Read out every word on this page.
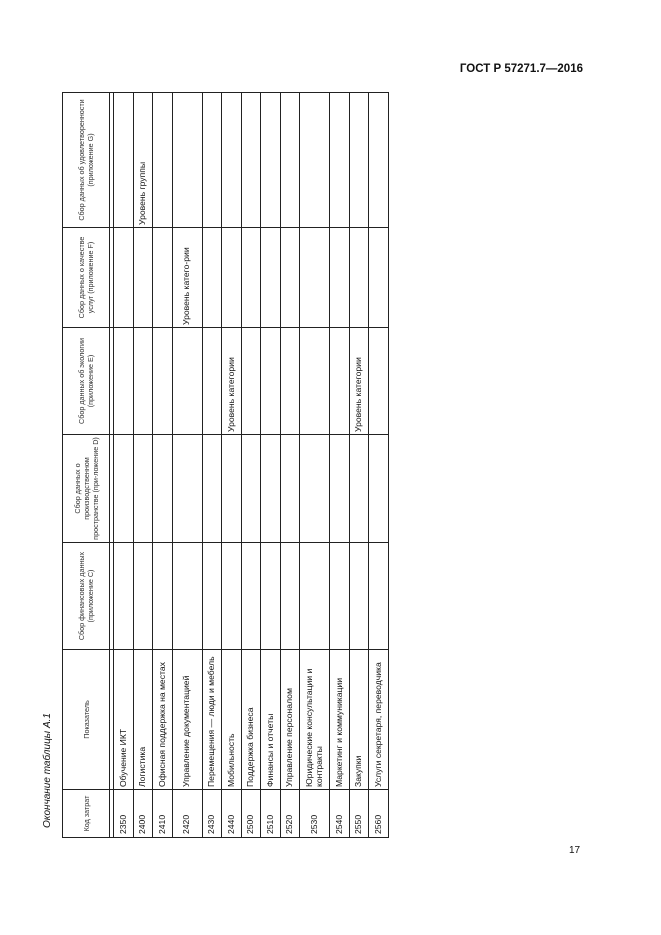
ГОСТ Р 57271.7—2016
Окончание таблицы А.1	Код затрат	Показатель	Сбор финансовых данных (приложение С)	Сбор данных о производственном пространстве (при-ложение D)	Сбор данных об экологии (приложение Е)	Сбор данных о качестве услуг (приложение F)	Сбор данных об удовлетворенности (приложение G)

2350	Обучение ИКТ					
2400	Логистика					Уровень группы
2410	Офисная поддержка на местах					
2420	Управление документацией				Уровень катего-рии	
2430	Перемещения — люди и мебель					
2440	Мобильность			Уровень категории		
2500	Поддержка бизнеса					
2510	Финансы и отчеты					
2520	Управление персоналом					
2530	Юридические консультации и контракты					
2540	Маркетинг и коммуникации					
2550	Закупки			Уровень категории		
2560	Услуги секретаря, переводчика					
17
